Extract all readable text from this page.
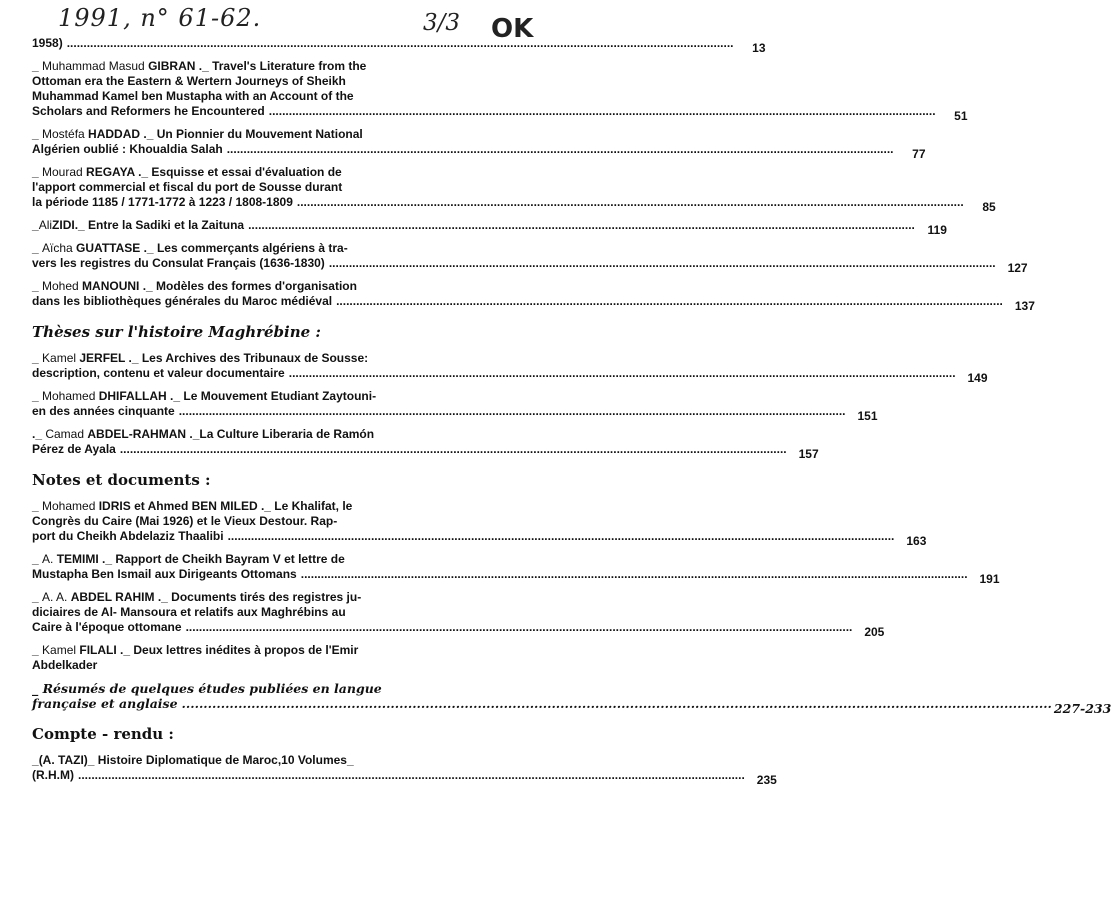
1991, n° 61-62.	3/3 OK
1958) ........................................................................................................................................................................................................	13
_ Muhammad Masud GIBRAN ._ Travel's Literature from the
Ottoman era the Eastern & Wertern Journeys of Sheikh
Muhammad Kamel ben Mustapha with an Account of the
Scholars and Reformers he Encountered ........................................................................................................................................................................................................	51
_ Mostéfa HADDAD ._ Un Pionnier du Mouvement National
Algérien oublié : Khoualdia Salah ........................................................................................................................................................................................................	77
_ Mourad REGAYA ._ Esquisse et essai d'évaluation de
l'apport commercial et fiscal du port de Sousse durant
la période 1185 / 1771-1772 à 1223 / 1808-1809 ........................................................................................................................................................................................................	85
_ Ali ZIDI ._ Entre la Sadiki et la Zaituna ........................................................................................................................................................................................................	119
_ Aïcha GUATTASE ._ Les commerçants algériens à tra-
vers les registres du Consulat Français (1636-1830) ........................................................................................................................................................................................................ 127
_ Mohed MANOUNI ._ Modèles des formes d'organisation
dans les bibliothèques générales du Maroc médiéval ........................................................................................................................................................................................................ 137
Thèses sur l'histoire Maghrébine :
_ Kamel JERFEL ._ Les Archives des Tribunaux de Sousse:
description, contenu et valeur documentaire ........................................................................................................................................................................................................ 149
_ Mohamed DHIFALLAH ._ Le Mouvement Etudiant Zaytouni-
en des années cinquante ........................................................................................................................................................................................................ 151
._ Camad ABDEL-RAHMAN ._La Culture Liberaria de Ramón
Pérez de Ayala ........................................................................................................................................................................................................ 157
Notes et documents :
_ Mohamed IDRIS et Ahmed BEN MILED ._ Le Khalifat, le
Congrès du Caire (Mai 1926) et le Vieux Destour. Rap-
port du Cheikh Abdelaziz Thaalibi ........................................................................................................................................................................................................ 163
_ A. TEMIMI ._ Rapport de Cheikh Bayram V et lettre de
Mustapha Ben Ismail aux Dirigeants Ottomans ........................................................................................................................................................................................................ 191
_ A. A. ABDEL RAHIM ._ Documents tirés des registres ju-
diciaires de Al- Mansoura et relatifs aux Maghrébins au
Caire à l'époque ottomane ........................................................................................................................................................................................................ 205
_ Kamel FILALI ._ Deux lettres inédites à propos de l'Emir
Abdelkader
_ Résumés de quelques études publiées en langue
française et anglaise ........................................................................................................................................................................................................ 227-233
Compte - rendu :
_(A. TAZI)_ Histoire Diplomatique de Maroc,10 Volumes_
(R.H.M) ........................................................................................................................................................................................................ 235
